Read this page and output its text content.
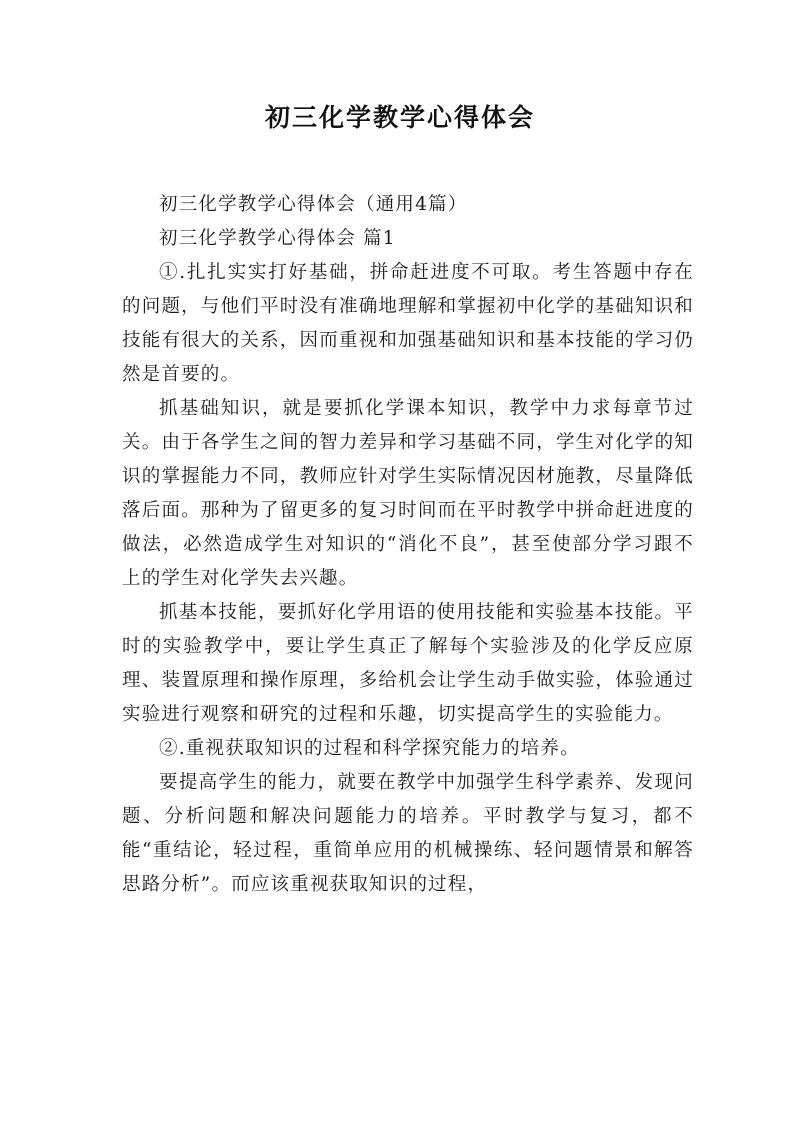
初三化学教学心得体会

初三化学教学心得体会（通用4篇）

初三化学教学心得体会 篇1

①.扎扎实实打好基础，拼命赶进度不可取。考生答题中存在的问题，与他们平时没有准确地理解和掌握初中化学的基础知识和技能有很大的关系，因而重视和加强基础知识和基本技能的学习仍然是首要的。

抓基础知识，就是要抓化学课本知识，教学中力求每章节过关。由于各学生之间的智力差异和学习基础不同，学生对化学的知识的掌握能力不同，教师应针对学生实际情况因材施教，尽量降低落后面。那种为了留更多的复习时间而在平时教学中拼命赶进度的做法，必然造成学生对知识的“消化不良”，甚至使部分学习跟不上的学生对化学失去兴趣。

抓基本技能，要抓好化学用语的使用技能和实验基本技能。平时的实验教学中，要让学生真正了解每个实验涉及的化学反应原理、装置原理和操作原理，多给机会让学生动手做实验，体验通过实验进行观察和研究的过程和乐趣，切实提高学生的实验能力。

②.重视获取知识的过程和科学探究能力的培养。

要提高学生的能力，就要在教学中加强学生科学素养、发现问题、分析问题和解决问题能力的培养。平时教学与复习，都不能“重结论，轻过程，重简单应用的机械操练、轻问题情景和解答思路分析”。而应该重视获取知识的过程，
